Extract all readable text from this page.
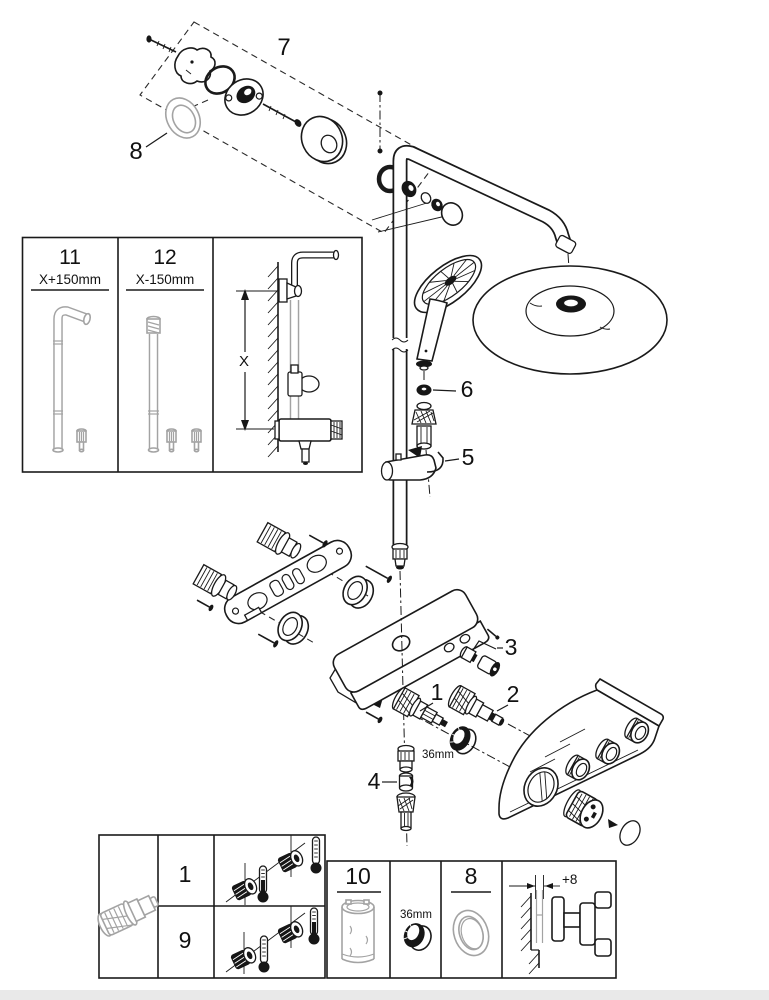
7
8
6
5
11
X+150mm
12
X-150mm
X
3
1	2
36mm
4
1
9
10
36mm
8	+8
